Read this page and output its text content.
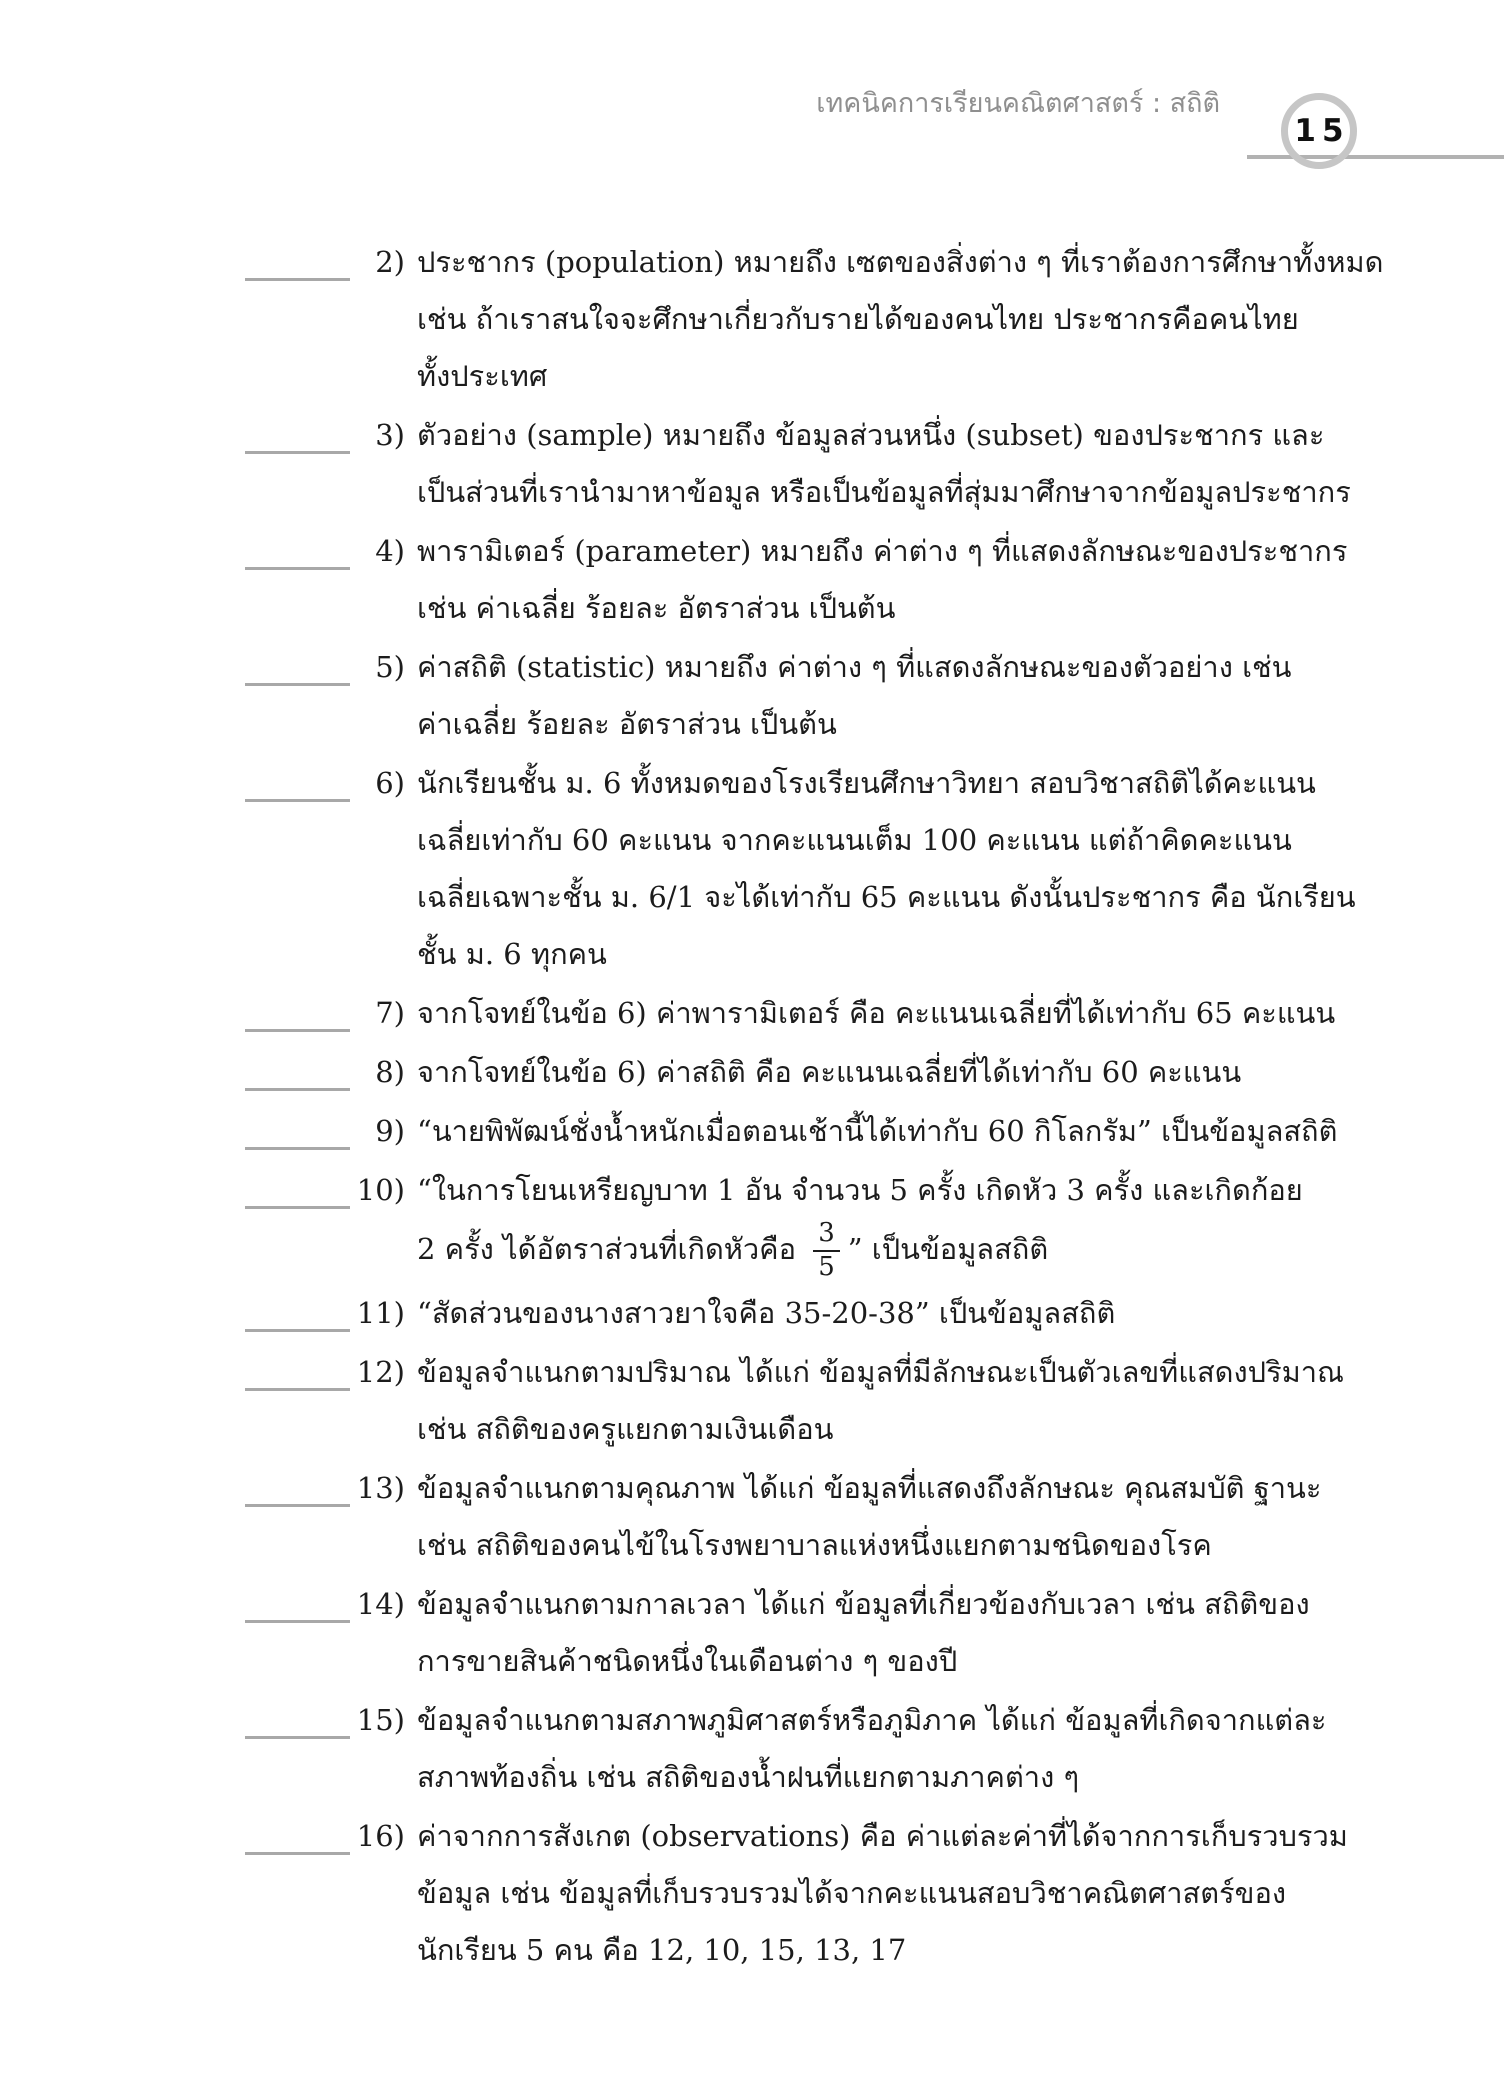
เทคนิคการเรียนคณิตศาสตร์ : สถิติ
15
2) ประชากร (population) หมายถึง เซตของสิ่งต่าง ๆ ที่เราต้องการศึกษาทั้งหมด
เช่น ถ้าเราสนใจจะศึกษาเกี่ยวกับรายได้ของคนไทย ประชากรคือคนไทย
ทั้งประเทศ
3) ตัวอย่าง (sample) หมายถึง ข้อมูลส่วนหนึ่ง (subset) ของประชากร และ
เป็นส่วนที่เรานำมาหาข้อมูล หรือเป็นข้อมูลที่สุ่มมาศึกษาจากข้อมูลประชากร
4) พารามิเตอร์ (parameter) หมายถึง ค่าต่าง ๆ ที่แสดงลักษณะของประชากร
เช่น ค่าเฉลี่ย ร้อยละ อัตราส่วน เป็นต้น
5) ค่าสถิติ (statistic) หมายถึง ค่าต่าง ๆ ที่แสดงลักษณะของตัวอย่าง เช่น
ค่าเฉลี่ย ร้อยละ อัตราส่วน เป็นต้น
6) นักเรียนชั้น ม. 6 ทั้งหมดของโรงเรียนศึกษาวิทยา สอบวิชาสถิติได้คะแนน
เฉลี่ยเท่ากับ 60 คะแนน จากคะแนนเต็ม 100 คะแนน แต่ถ้าคิดคะแนน
เฉลี่ยเฉพาะชั้น ม. 6/1 จะได้เท่ากับ 65 คะแนน ดังนั้นประชากร คือ นักเรียน
ชั้น ม. 6 ทุกคน
7) จากโจทย์ในข้อ 6) ค่าพารามิเตอร์ คือ คะแนนเฉลี่ยที่ได้เท่ากับ 65 คะแนน
8) จากโจทย์ในข้อ 6) ค่าสถิติ คือ คะแนนเฉลี่ยที่ได้เท่ากับ 60 คะแนน
9) “นายพิพัฒน์ชั่งน้ำหนักเมื่อตอนเช้านี้ได้เท่ากับ 60 กิโลกรัม” เป็นข้อมูลสถิติ
10) “ในการโยนเหรียญบาท 1 อัน จำนวน 5 ครั้ง เกิดหัว 3 ครั้ง และเกิดก้อย
2 ครั้ง ได้อัตราส่วนที่เกิดหัวคือ $\frac{3}{5}$ ” เป็นข้อมูลสถิติ
11) “สัดส่วนของนางสาวยาใจคือ 35-20-38” เป็นข้อมูลสถิติ
12) ข้อมูลจำแนกตามปริมาณ ได้แก่ ข้อมูลที่มีลักษณะเป็นตัวเลขที่แสดงปริมาณ
เช่น สถิติของครูแยกตามเงินเดือน
13) ข้อมูลจำแนกตามคุณภาพ ได้แก่ ข้อมูลที่แสดงถึงลักษณะ คุณสมบัติ ฐานะ
เช่น สถิติของคนไข้ในโรงพยาบาลแห่งหนึ่งแยกตามชนิดของโรค
14) ข้อมูลจำแนกตามกาลเวลา ได้แก่ ข้อมูลที่เกี่ยวข้องกับเวลา เช่น สถิติของ
การขายสินค้าชนิดหนึ่งในเดือนต่าง ๆ ของปี
15) ข้อมูลจำแนกตามสภาพภูมิศาสตร์หรือภูมิภาค ได้แก่ ข้อมูลที่เกิดจากแต่ละ
สภาพท้องถิ่น เช่น สถิติของน้ำฝนที่แยกตามภาคต่าง ๆ
16) ค่าจากการสังเกต (observations) คือ ค่าแต่ละค่าที่ได้จากการเก็บรวบรวม
ข้อมูล เช่น ข้อมูลที่เก็บรวบรวมได้จากคะแนนสอบวิชาคณิตศาสตร์ของ
นักเรียน 5 คน คือ 12, 10, 15, 13, 17
